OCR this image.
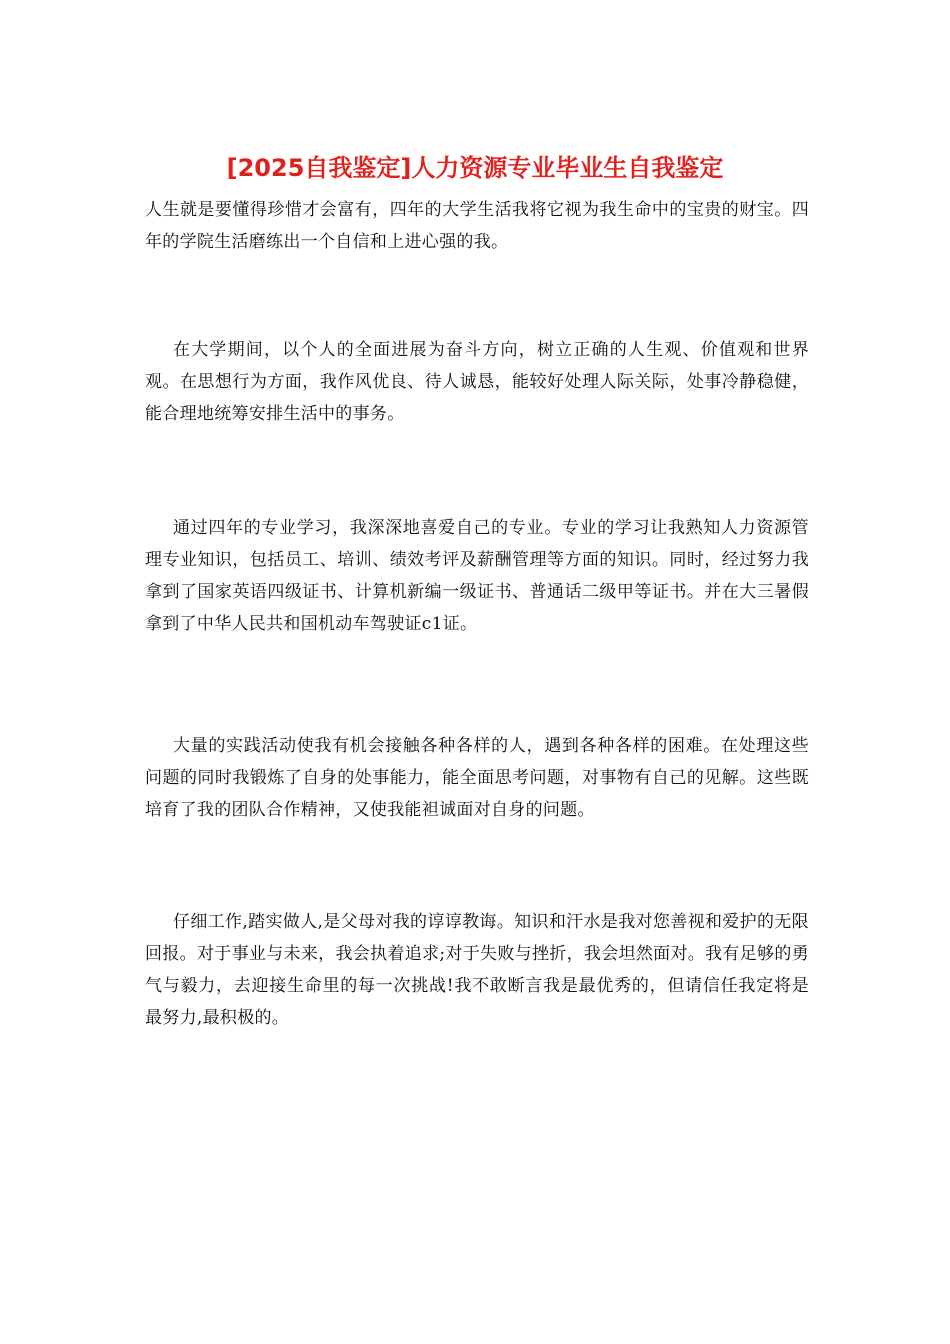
[2025自我鉴定]人力资源专业毕业生自我鉴定

人生就是要懂得珍惜才会富有，四年的大学生活我将它视为我生命中的宝贵的财宝。四年的学院生活磨练出一个自信和上进心强的我。

在大学期间，以个人的全面进展为奋斗方向，树立正确的人生观、价值观和世界观。在思想行为方面，我作风优良、待人诚恳，能较好处理人际关际，处事冷静稳健，能合理地统筹安排生活中的事务。

通过四年的专业学习，我深深地喜爱自己的专业。专业的学习让我熟知人力资源管理专业知识，包括员工、培训、绩效考评及薪酬管理等方面的知识。同时，经过努力我拿到了国家英语四级证书、计算机新编一级证书、普通话二级甲等证书。并在大三暑假拿到了中华人民共和国机动车驾驶证c1证。

大量的实践活动使我有机会接触各种各样的人，遇到各种各样的困难。在处理这些问题的同时我锻炼了自身的处事能力，能全面思考问题，对事物有自己的见解。这些既培育了我的团队合作精神，又使我能袒诚面对自身的问题。

仔细工作,踏实做人,是父母对我的谆谆教诲。知识和汗水是我对您善视和爱护的无限回报。对于事业与未来，我会执着追求;对于失败与挫折，我会坦然面对。我有足够的勇气与毅力，去迎接生命里的每一次挑战!我不敢断言我是最优秀的，但请信任我定将是最努力,最积极的。
